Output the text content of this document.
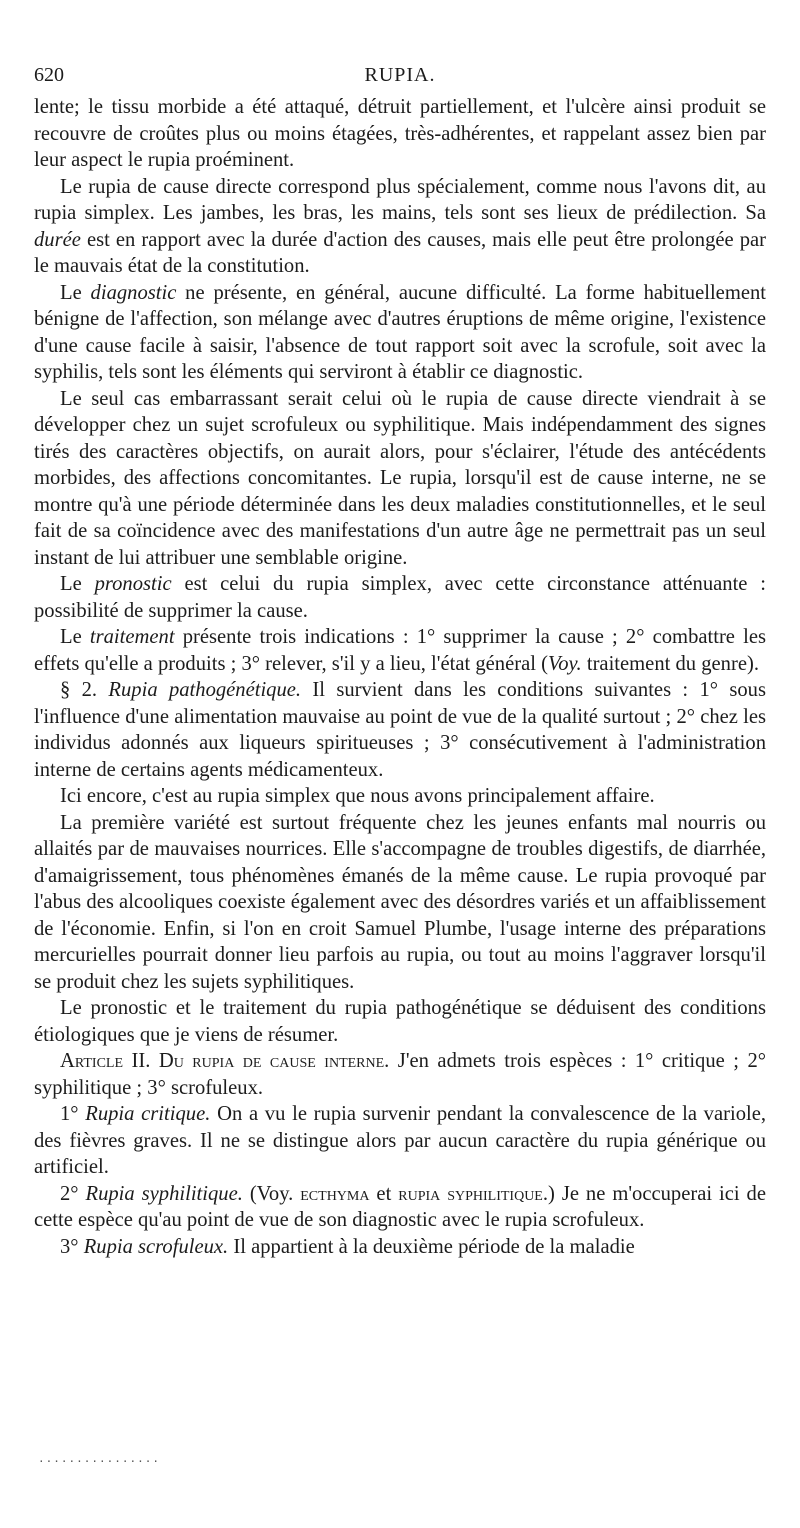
620	RUPIA.

lente; le tissu morbide a été attaqué, détruit partiellement, et l'ulcère ainsi produit se recouvre de croûtes plus ou moins étagées, très-adhérentes, et rappelant assez bien par leur aspect le rupia proéminent.

Le rupia de cause directe correspond plus spécialement, comme nous l'avons dit, au rupia simplex. Les jambes, les bras, les mains, tels sont ses lieux de prédilection. Sa durée est en rapport avec la durée d'action des causes, mais elle peut être prolongée par le mauvais état de la constitution.

Le diagnostic ne présente, en général, aucune difficulté. La forme habituellement bénigne de l'affection, son mélange avec d'autres éruptions de même origine, l'existence d'une cause facile à saisir, l'absence de tout rapport soit avec la scrofule, soit avec la syphilis, tels sont les éléments qui serviront à établir ce diagnostic.

Le seul cas embarrassant serait celui où le rupia de cause directe viendrait à se développer chez un sujet scrofuleux ou syphilitique. Mais indépendamment des signes tirés des caractères objectifs, on aurait alors, pour s'éclairer, l'étude des antécédents morbides, des affections concomitantes. Le rupia, lorsqu'il est de cause interne, ne se montre qu'à une période déterminée dans les deux maladies constitutionnelles, et le seul fait de sa coïncidence avec des manifestations d'un autre âge ne permettrait pas un seul instant de lui attribuer une semblable origine.

Le pronostic est celui du rupia simplex, avec cette circonstance atténuante : possibilité de supprimer la cause.

Le traitement présente trois indications : 1° supprimer la cause ; 2° combattre les effets qu'elle a produits ; 3° relever, s'il y a lieu, l'état général (Voy. traitement du genre).

§ 2. Rupia pathogénétique. Il survient dans les conditions suivantes : 1° sous l'influence d'une alimentation mauvaise au point de vue de la qualité surtout ; 2° chez les individus adonnés aux liqueurs spiritueuses ; 3° consécutivement à l'administration interne de certains agents médicamenteux.

Ici encore, c'est au rupia simplex que nous avons principalement affaire.

La première variété est surtout fréquente chez les jeunes enfants mal nourris ou allaités par de mauvaises nourrices. Elle s'accompagne de troubles digestifs, de diarrhée, d'amaigrissement, tous phénomènes émanés de la même cause. Le rupia provoqué par l'abus des alcooliques coexiste également avec des désordres variés et un affaiblissement de l'économie. Enfin, si l'on en croit Samuel Plumbe, l'usage interne des préparations mercurielles pourrait donner lieu parfois au rupia, ou tout au moins l'aggraver lorsqu'il se produit chez les sujets syphilitiques.

Le pronostic et le traitement du rupia pathogénétique se déduisent des conditions étiologiques que je viens de résumer.

Article II. Du rupia de cause interne. J'en admets trois espèces : 1° critique ; 2° syphilitique ; 3° scrofuleux.

1° Rupia critique. On a vu le rupia survenir pendant la convalescence de la variole, des fièvres graves. Il ne se distingue alors par aucun caractère du rupia générique ou artificiel.

2° Rupia syphilitique. (Voy. ecthyma et rupia syphilitique.) Je ne m'occuperai ici de cette espèce qu'au point de vue de son diagnostic avec le rupia scrofuleux.

3° Rupia scrofuleux. Il appartient à la deuxième période de la maladie

................
